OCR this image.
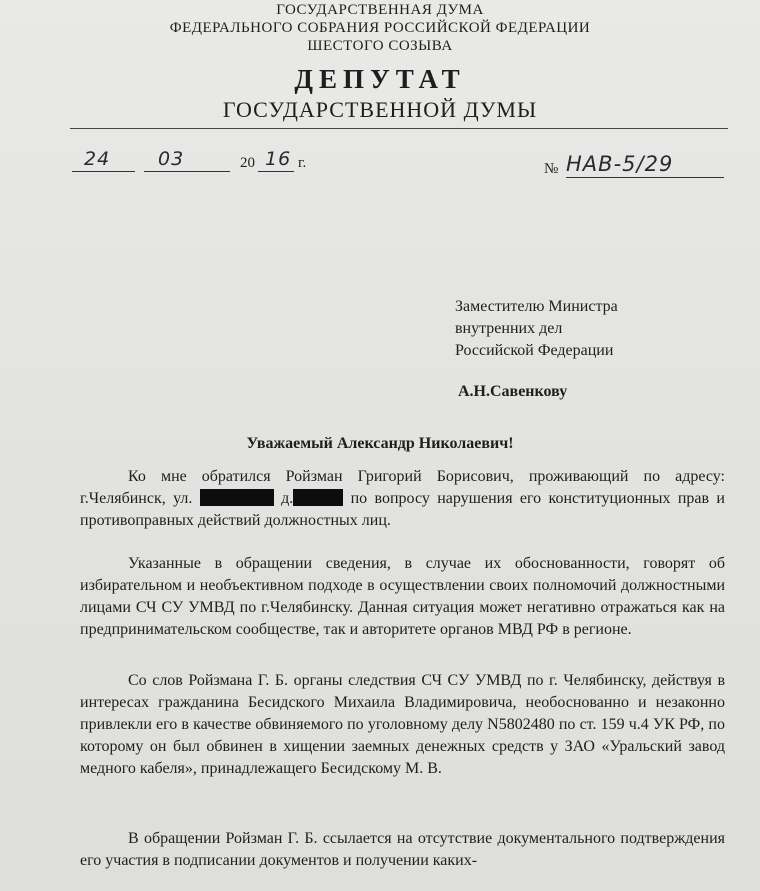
ГОСУДАРСТВЕННАЯ ДУМА

ФЕДЕРАЛЬНОГО СОБРАНИЯ РОССИЙСКОЙ ФЕДЕРАЦИИ

ШЕСТОГО СОЗЫВА

ДЕПУТАТ

ГОСУДАРСТВЕННОЙ ДУМЫ

24	03	20 16 г.	№ НАВ-5/29

Заместителю Министра
внутренних дел
Российской Федерации

А.Н.Савенкову

Уважаемый Александр Николаевич!

Ко мне обратился Ройзман Григорий Борисович, проживающий по адресу: г.Челябинск, ул.	д.	по вопросу нарушения его конституционных прав и противоправных действий должностных лиц.

Указанные в обращении сведения, в случае их обоснованности, говорят об избирательном и необъективном подходе в осуществлении своих полномочий должностными лицами СЧ СУ УМВД по г.Челябинску. Данная ситуация может негативно отражаться как на предпринимательском сообществе, так и авторитете органов МВД РФ в регионе.

Со слов Ройзмана Г. Б. органы следствия СЧ СУ УМВД по г. Челябинску, действуя в интересах гражданина Бесидского Михаила Владимировича, необоснованно и незаконно привлекли его в качестве обвиняемого по уголовному делу N5802480 по ст. 159 ч.4 УК РФ, по которому он был обвинен в хищении заемных денежных средств у ЗАО «Уральский завод медного кабеля», принадлежащего Бесидскому М. В.

В обращении Ройзман Г. Б. ссылается на отсутствие документального подтверждения его участия в подписании документов и получении каких-
